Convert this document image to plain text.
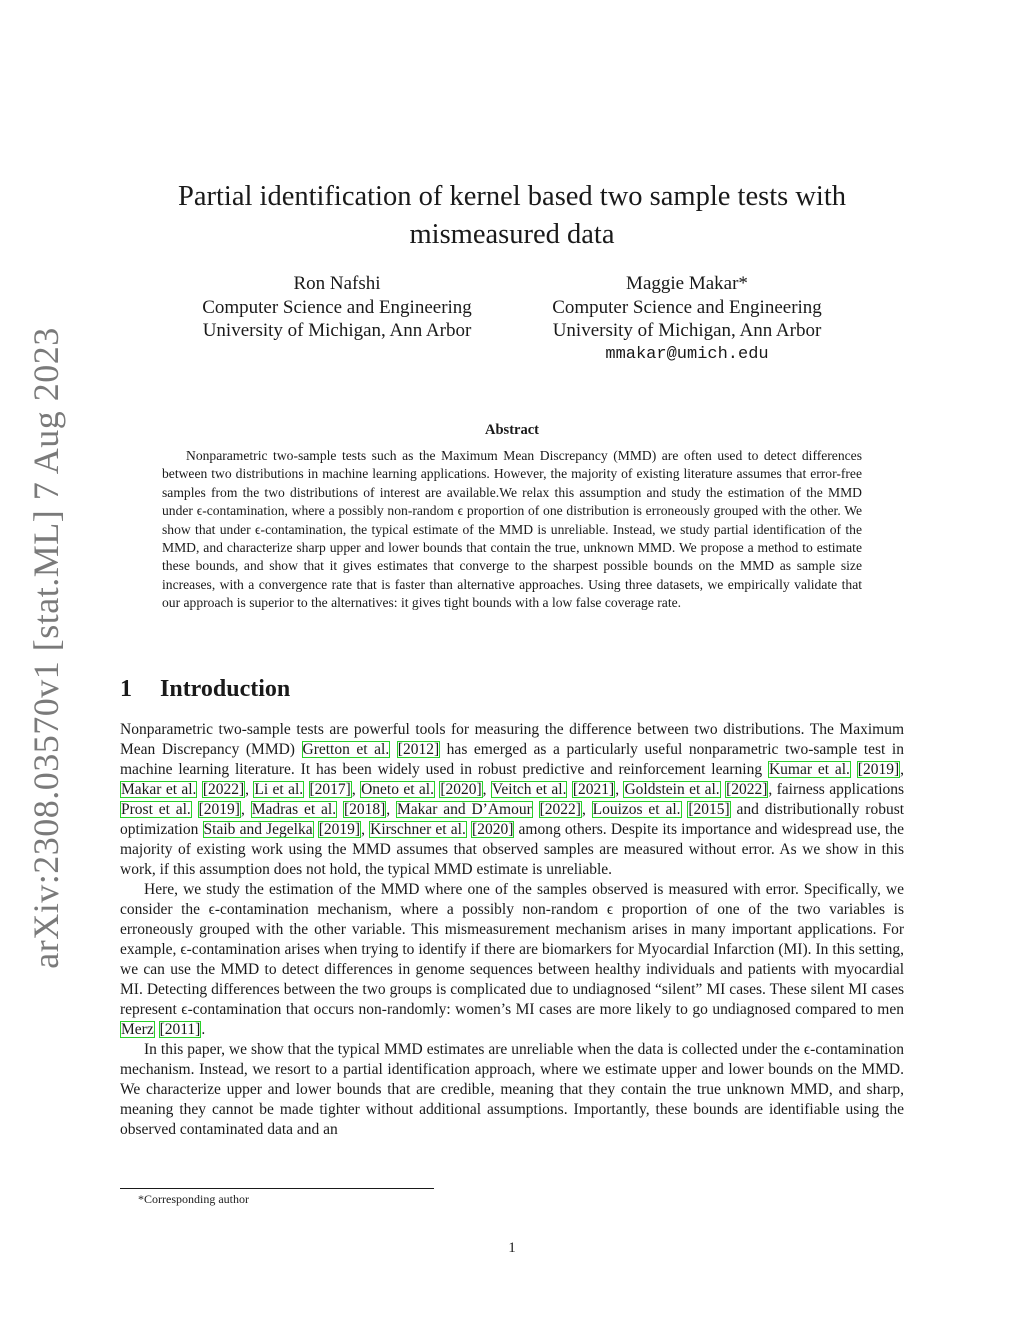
arXiv:2308.03570v1 [stat.ML] 7 Aug 2023
Partial identification of kernel based two sample tests with mismeasured data
Ron Nafshi
Computer Science and Engineering
University of Michigan, Ann Arbor
Maggie Makar*
Computer Science and Engineering
University of Michigan, Ann Arbor
mmakar@umich.edu
Abstract

Nonparametric two-sample tests such as the Maximum Mean Discrepancy (MMD) are often used to detect differences between two distributions in machine learning applications. However, the majority of existing literature assumes that error-free samples from the two distributions of interest are available.We relax this assumption and study the estimation of the MMD under ϵ-contamination, where a possibly non-random ϵ proportion of one distribution is erroneously grouped with the other. We show that under ϵ-contamination, the typical estimate of the MMD is unreliable. Instead, we study partial identification of the MMD, and characterize sharp upper and lower bounds that contain the true, unknown MMD. We propose a method to estimate these bounds, and show that it gives estimates that converge to the sharpest possible bounds on the MMD as sample size increases, with a convergence rate that is faster than alternative approaches. Using three datasets, we empirically validate that our approach is superior to the alternatives: it gives tight bounds with a low false coverage rate.

1 Introduction

Nonparametric two-sample tests are powerful tools for measuring the difference between two distributions. The Maximum Mean Discrepancy (MMD) Gretton et al. [2012] has emerged as a particularly useful nonparametric two-sample test in machine learning literature. It has been widely used in robust predictive and reinforcement learning Kumar et al. [2019], Makar et al. [2022], Li et al. [2017], Oneto et al. [2020], Veitch et al. [2021], Goldstein et al. [2022], fairness applications Prost et al. [2019], Madras et al. [2018], Makar and D’Amour [2022], Louizos et al. [2015] and distributionally robust optimization Staib and Jegelka [2019], Kirschner et al. [2020] among others. Despite its importance and widespread use, the majority of existing work using the MMD assumes that observed samples are measured without error. As we show in this work, if this assumption does not hold, the typical MMD estimate is unreliable.

Here, we study the estimation of the MMD where one of the samples observed is measured with error. Specifically, we consider the ϵ-contamination mechanism, where a possibly non-random ϵ proportion of one of the two variables is erroneously grouped with the other variable. This mismeasurement mechanism arises in many important applications. For example, ϵ-contamination arises when trying to identify if there are biomarkers for Myocardial Infarction (MI). In this setting, we can use the MMD to detect differences in genome sequences between healthy individuals and patients with myocardial MI. Detecting differences between the two groups is complicated due to undiagnosed “silent” MI cases. These silent MI cases represent ϵ-contamination that occurs non-randomly: women’s MI cases are more likely to go undiagnosed compared to men Merz [2011].

In this paper, we show that the typical MMD estimates are unreliable when the data is collected under the ϵ-contamination mechanism. Instead, we resort to a partial identification approach, where we estimate upper and lower bounds on the MMD. We characterize upper and lower bounds that are credible, meaning that they contain the true unknown MMD, and sharp, meaning they cannot be made tighter without additional assumptions. Importantly, these bounds are identifiable using the observed contaminated data and an

*Corresponding author
1
